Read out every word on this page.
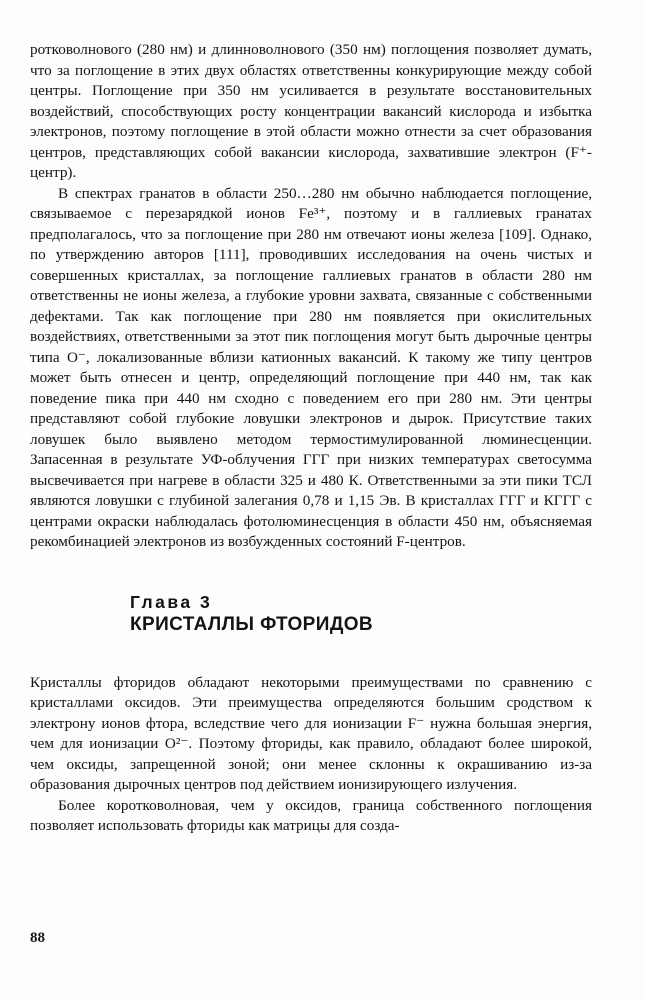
ротковолнового (280 нм) и длинноволнового (350 нм) поглощения позволяет думать, что за поглощение в этих двух областях ответственны конкурирующие между собой центры. Поглощение при 350 нм усиливается в результате восстановительных воздействий, способствующих росту концентрации вакансий кислорода и избытка электронов, поэтому поглощение в этой области можно отнести за счет образования центров, представляющих собой вакансии кислорода, захватившие электрон (F⁺-центр).

В спектрах гранатов в области 250…280 нм обычно наблюдается поглощение, связываемое с перезарядкой ионов Fe³⁺, поэтому и в галлиевых гранатах предполагалось, что за поглощение при 280 нм отвечают ионы железа [109]. Однако, по утверждению авторов [111], проводивших исследования на очень чистых и совершенных кристаллах, за поглощение галлиевых гранатов в области 280 нм ответственны не ионы железа, а глубокие уровни захвата, связанные с собственными дефектами. Так как поглощение при 280 нм появляется при окислительных воздействиях, ответственными за этот пик поглощения могут быть дырочные центры типа O⁻, локализованные вблизи катионных вакансий. К такому же типу центров может быть отнесен и центр, определяющий поглощение при 440 нм, так как поведение пика при 440 нм сходно с поведением его при 280 нм. Эти центры представляют собой глубокие ловушки электронов и дырок. Присутствие таких ловушек было выявлено методом термостимулированной люминесценции. Запасенная в результате УФ-облучения ГГГ при низких температурах светосумма высвечивается при нагреве в области 325 и 480 К. Ответственными за эти пики ТСЛ являются ловушки с глубиной залегания 0,78 и 1,15 Эв. В кристаллах ГГГ и КГГГ с центрами окраски наблюдалась фотолюминесценция в области 450 нм, объясняемая рекомбинацией электронов из возбужденных состояний F-центров.

Глава 3
КРИСТАЛЛЫ ФТОРИДОВ

Кристаллы фторидов обладают некоторыми преимуществами по сравнению с кристаллами оксидов. Эти преимущества определяются большим сродством к электрону ионов фтора, вследствие чего для ионизации F⁻ нужна большая энергия, чем для ионизации O²⁻. Поэтому фториды, как правило, обладают более широкой, чем оксиды, запрещенной зоной; они менее склонны к окрашиванию из-за образования дырочных центров под действием ионизирующего излучения.

Более коротковолновая, чем у оксидов, граница собственного поглощения позволяет использовать фториды как матрицы для созда-

88
